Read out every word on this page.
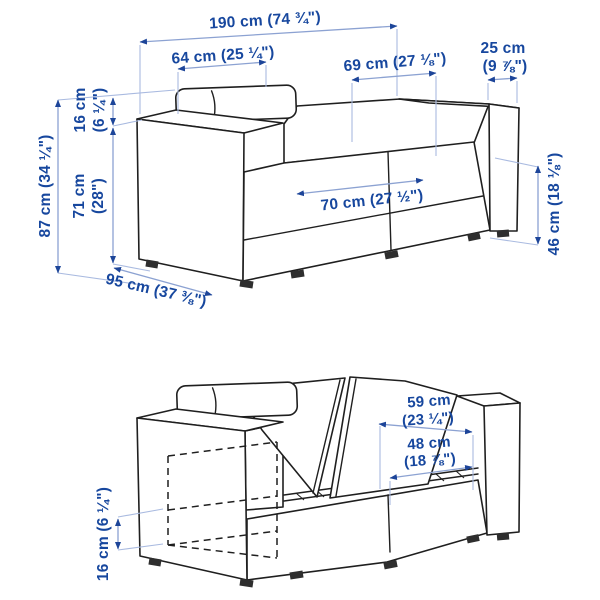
190 cm (74 ¾")
64 cm (25 ¼")	69 cm (27 ⅛")
25 cm
(9 ⅞")
16 cm (6 ¼")
87 cm (34 ¼") 71 cm (28")	70 cm (27 ½")
95 cm (37 ⅜")
46 cm (18 ⅛")
59 cm
(23 ¼")
48 cm
(18 ⅞")
16 cm (6 ¼")
